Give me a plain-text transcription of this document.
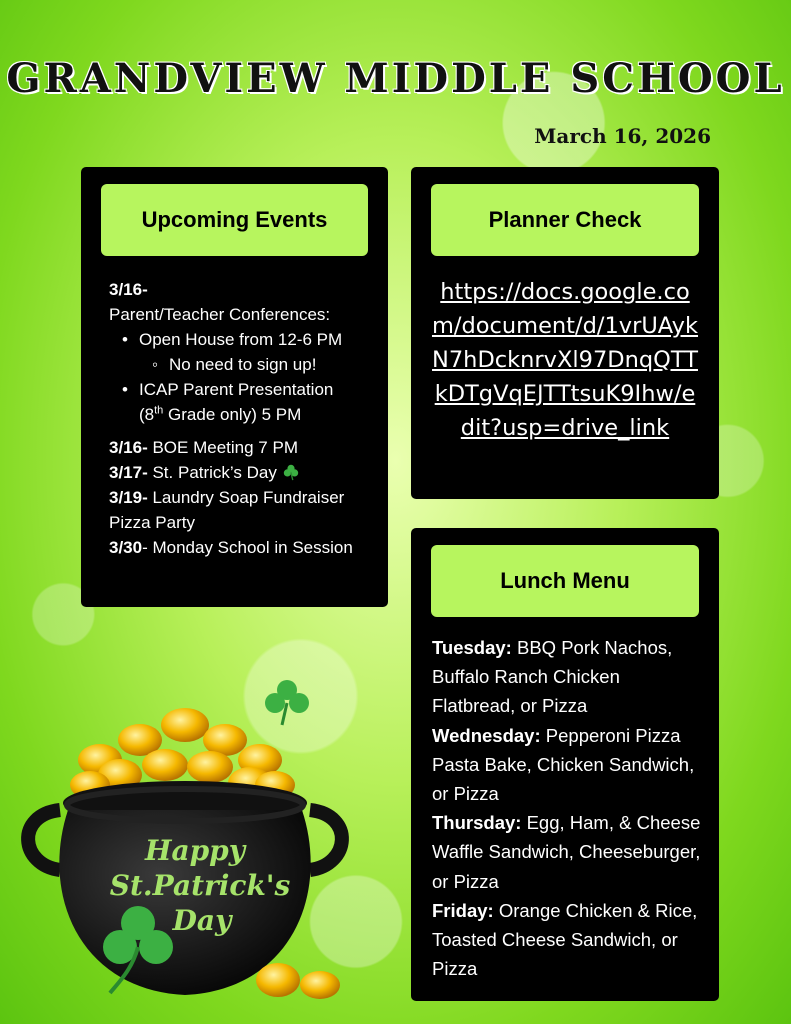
GRANDVIEW MIDDLE SCHOOL
March 16, 2026
Upcoming Events
3/16-
Parent/Teacher Conferences:
• Open House from 12-6 PM
◦ No need to sign up!
• ICAP Parent Presentation
(8th Grade only) 5 PM
3/16- BOE Meeting 7 PM
3/17- St. Patrick’s Day
3/19- Laundry Soap Fundraiser Pizza Party
3/30- Monday School in Session
Planner Check
https://docs.google.com/document/d/1vrUAykN7hDcknrvXl97DnqQTTkDTgVqEJTTtsuK9Ihw/edit?usp=drive_link
Lunch Menu
Tuesday: BBQ Pork Nachos, Buffalo Ranch Chicken Flatbread, or Pizza
Wednesday: Pepperoni Pizza Pasta Bake, Chicken Sandwich, or Pizza
Thursday: Egg, Ham, & Cheese Waffle Sandwich, Cheeseburger, or Pizza
Friday: Orange Chicken & Rice, Toasted Cheese Sandwich, or Pizza
Happy
St.Patrick's
Day
